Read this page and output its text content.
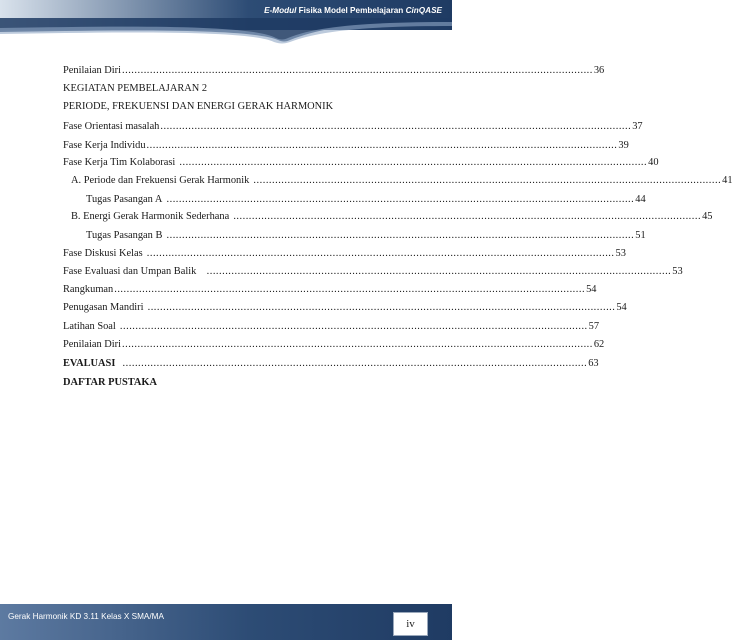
E-Modul Fisika Model Pembelajaran CinQASE
Penilaian Diri ........................................................................................................................................................ 36
KEGIATAN PEMBELAJARAN 2
PERIODE, FREKUENSI DAN ENERGI GERAK HARMONIK
Fase Orientasi masalah ........................................................................................................................................................ 37
Fase Kerja Individu ........................................................................................................................................................ 39
Fase Kerja Tim Kolaborasi ....................................................................................................................................................... 40
A. Periode dan Frekuensi Gerak Harmonik ....................................................................................................................................................... 41
Tugas Pasangan A ....................................................................................................................................................... 44
B. Energi Gerak Harmonik Sederhana ....................................................................................................................................................... 45
Tugas Pasangan B ....................................................................................................................................................... 51
Fase Diskusi Kelas ....................................................................................................................................................... 53
Fase Evaluasi dan Umpan Balik ...................................................................................................................................................... 53
Rangkuman ........................................................................................................................................................ 54
Penugasan Mandiri ....................................................................................................................................................... 54
Latihan Soal ....................................................................................................................................................... 57
Penilaian Diri ........................................................................................................................................................ 62
EVALUASI ...................................................................................................................................................... 63
DAFTAR PUSTAKA
Gerak Harmonik KD 3.11 Kelas X SMA/MA
iv
